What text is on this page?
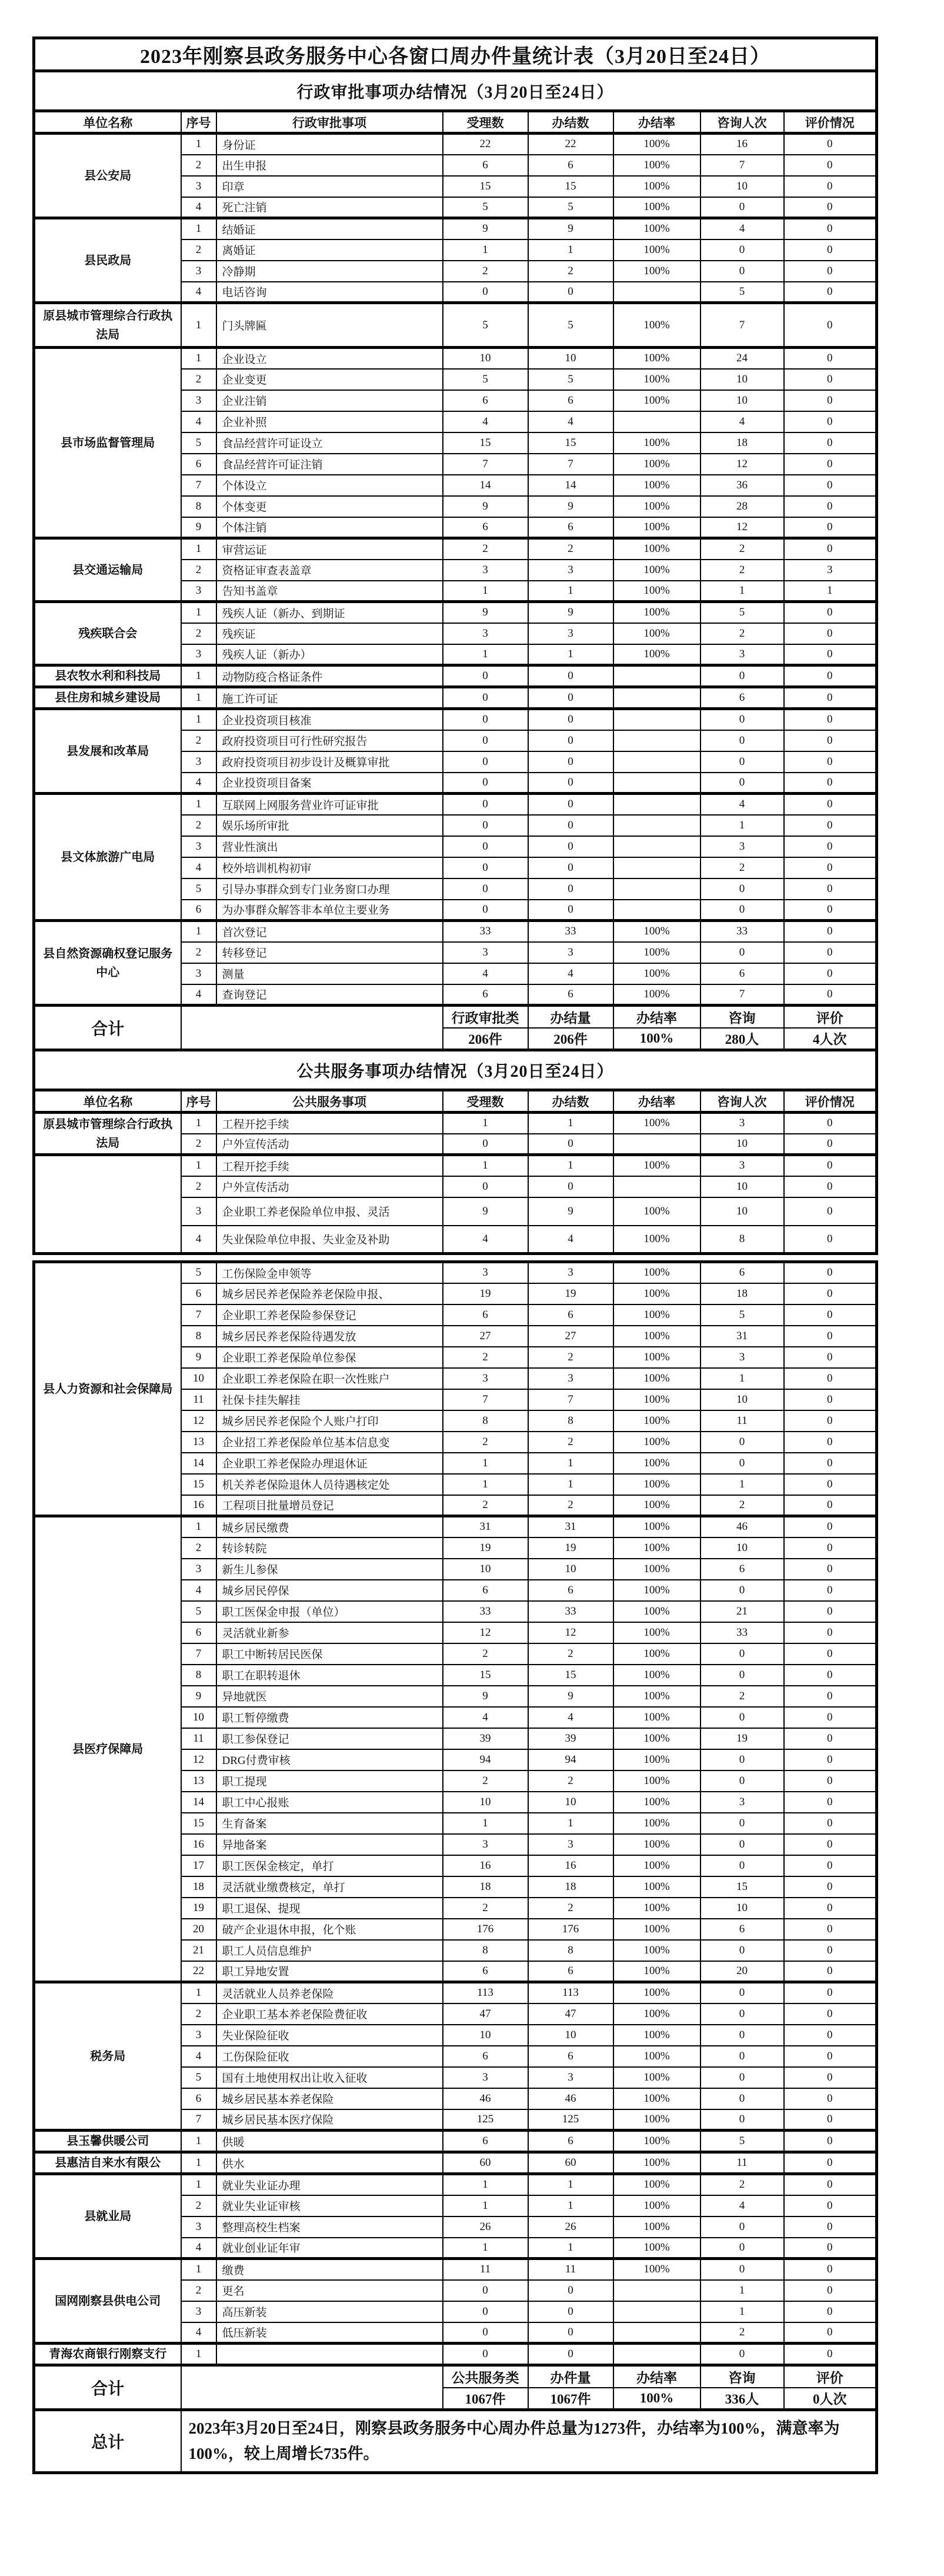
2023年刚察县政务服务中心各窗口周办件量统计表（3月20日至24日）							
行政审批事项办结情况（3月20日至24日）							
单位名称	序号	行政审批事项	受理数	办结数	办结率	咨询人次	评价情况
县公安局	1	身份证	22	22	100%	16	0
	2	出生申报	6	6	100%	7	0
	3	印章	15	15	100%	10	0
	4	死亡注销	5	5	100%	0	0
县民政局	1	结婚证	9	9	100%	4	0
	2	离婚证	1	1	100%	0	0
	3	冷静期	2	2	100%	0	0
	4	电话咨询	0	0		5	0
原县城市管理综合行政执法局	1	门头牌匾	5	5	100%	7	0
县市场监督管理局	1	企业设立	10	10	100%	24	0
	2	企业变更	5	5	100%	10	0
	3	企业注销	6	6	100%	10	0
	4	企业补照	4	4		4	0
	5	食品经营许可证设立	15	15	100%	18	0
	6	食品经营许可证注销	7	7	100%	12	0
	7	个体设立	14	14	100%	36	0
	8	个体变更	9	9	100%	28	0
	9	个体注销	6	6	100%	12	0
县交通运输局	1	审营运证	2	2	100%	2	0
	2	资格证审查表盖章	3	3	100%	2	3
	3	告知书盖章	1	1	100%	1	1
残疾联合会	1	残疾人证（新办、到期证	9	9	100%	5	0
	2	残疾证	3	3	100%	2	0
	3	残疾人证（新办）	1	1	100%	3	0
县农牧水利和科技局	1	动物防疫合格证条件	0	0		0	0
县住房和城乡建设局	1	施工许可证	0	0		6	0
县发展和改革局	1	企业投资项目核准	0	0		0	0
	2	政府投资项目可行性研究报告	0	0		0	0
	3	政府投资项目初步设计及概算审批	0	0		0	0
	4	企业投资项目备案	0	0		0	0
县文体旅游广电局	1	互联网上网服务营业许可证审批	0	0		4	0
	2	娱乐场所审批	0	0		1	0
	3	营业性演出	0	0		3	0
	4	校外培训机构初审	0	0		2	0
	5	引导办事群众到专门业务窗口办理	0	0		0	0
	6	为办事群众解答非本单位主要业务	0	0		0	0
县自然资源确权登记服务中心	1	首次登记	33	33	100%	33	0
	2	转移登记	3	3	100%	0	0
	3	测量	4	4	100%	6	0
	4	查询登记	6	6	100%	7	0
合计			行政审批类	办结量	办结率	咨询	评价
			206件	206件	100%	280人	4人次
公共服务事项办结情况（3月20日至24日）							
单位名称	序号	公共服务事项	受理数	办结数	办结率	咨询人次	评价情况
原县城市管理综合行政执法局	1	工程开挖手续	1	1	100%	3	0
	2	户外宣传活动	0	0		10	0
	1	工程开挖手续	1	1	100%	3	0
	2	户外宣传活动	0	0		10	0
	3	企业职工养老保险单位申报、灵活	9	9	100%	10	0
	4	失业保险单位申报、失业金及补助	4	4	100%	8	0

县人力资源和社会保障局	5	工伤保险金申领等	3	3	100%	6	0
	6	城乡居民养老保险养老保险申报、	19	19	100%	18	0
	7	企业职工养老保险参保登记	6	6	100%	5	0
	8	城乡居民养老保险待遇发放	27	27	100%	31	0
	9	企业职工养老保险单位参保	2	2	100%	3	0
	10	企业职工养老保险在职一次性账户	3	3	100%	1	0
	11	社保卡挂失解挂	7	7	100%	10	0
	12	城乡居民养老保险个人账户打印	8	8	100%	11	0
	13	企业招工养老保险单位基本信息变	2	2	100%	0	0
	14	企业职工养老保险办理退休证	1	1	100%	0	0
	15	机关养老保险退休人员待遇核定处	1	1	100%	1	0
	16	工程项目批量增员登记	2	2	100%	2	0
县医疗保障局	1	城乡居民缴费	31	31	100%	46	0
	2	转诊转院	19	19	100%	10	0
	3	新生儿参保	10	10	100%	6	0
	4	城乡居民停保	6	6	100%	0	0
	5	职工医保金申报（单位）	33	33	100%	21	0
	6	灵活就业新参	12	12	100%	33	0
	7	职工中断转居民医保	2	2	100%	0	0
	8	职工在职转退休	15	15	100%	0	0
	9	异地就医	9	9	100%	2	0
	10	职工暂停缴费	4	4	100%	0	0
	11	职工参保登记	39	39	100%	19	0
	12	DRG付费审核	94	94	100%	0	0
	13	职工提现	2	2	100%	0	0
	14	职工中心报账	10	10	100%	3	0
	15	生育备案	1	1	100%	0	0
	16	异地备案	3	3	100%	0	0
	17	职工医保金核定，单打	16	16	100%	0	0
	18	灵活就业缴费核定，单打	18	18	100%	15	0
	19	职工退保、提现	2	2	100%	10	0
	20	破产企业退休申报，化个账	176	176	100%	6	0
	21	职工人员信息维护	8	8	100%	0	0
	22	职工异地安置	6	6	100%	20	0
税务局	1	灵活就业人员养老保险	113	113	100%	0	0
	2	企业职工基本养老保险费征收	47	47	100%	0	0
	3	失业保险征收	10	10	100%	0	0
	4	工伤保险征收	6	6	100%	0	0
	5	国有土地使用权出让收入征收	3	3	100%	0	0
	6	城乡居民基本养老保险	46	46	100%	0	0
	7	城乡居民基本医疗保险	125	125	100%	0	0
县玉馨供暖公司	1	供暖	6	6	100%	5	0
县惠洁自来水有限公	1	供水	60	60	100%	11	0
县就业局	1	就业失业证办理	1	1	100%	2	0
	2	就业失业证审核	1	1	100%	4	0
	3	整理高校生档案	26	26	100%	0	0
	4	就业创业证年审	1	1	100%	0	0
国网刚察县供电公司	1	缴费	11	11	100%	0	0
	2	更名	0	0		1	0
	3	高压新装	0	0		1	0
	4	低压新装	0	0		2	0
青海农商银行刚察支行	1		0	0		0	0
合计			公共服务类	办件量	办结率	咨询	评价
			1067件	1067件	100%	336人	0人次
总计	2023年3月20日至24日，刚察县政务服务中心周办件总量为1273件，办结率为100%，满意率为100%，较上周增长735件。						
